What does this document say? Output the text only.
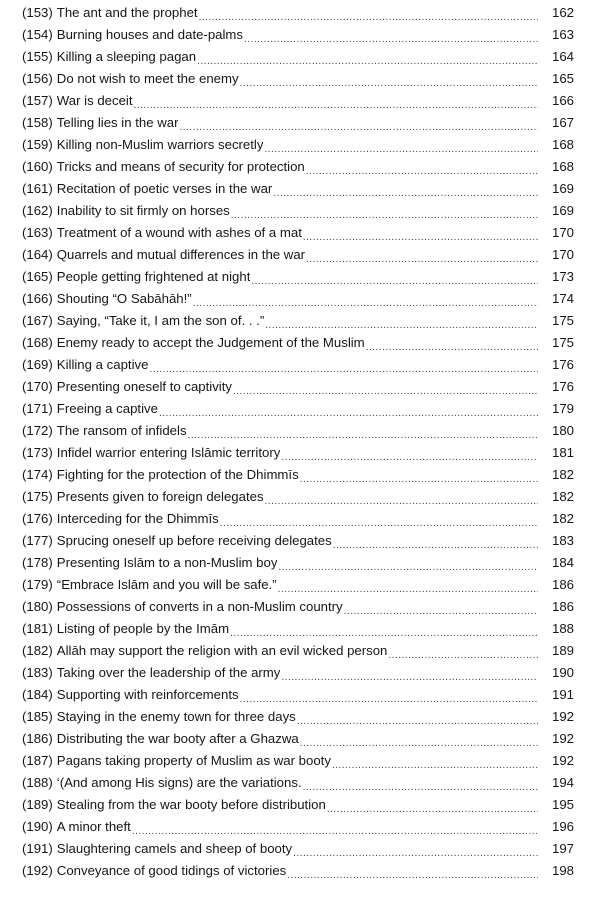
(153) The ant and the prophet .....	162
(154) Burning houses and date-palms .....	163
(155) Killing a sleeping pagan .....	164
(156) Do not wish to meet the enemy .....	165
(157) War is deceit .....	166
(158) Telling lies in the war .....	167
(159) Killing non-Muslim warriors secretly .....	168
(160) Tricks and means of security for protection .....	168
(161) Recitation of poetic verses in the war .....	169
(162) Inability to sit firmly on horses .....	169
(163) Treatment of a wound with ashes of a mat .....	170
(164) Quarrels and mutual differences in the war .....	170
(165) People getting frightened at night .....	173
(166) Shouting “O Sabāhāh!” .....	174
(167) Saying, “Take it, I am the son of. . .” .....	175
(168) Enemy ready to accept the Judgement of the Muslim .....	175
(169) Killing a captive .....	176
(170) Presenting oneself to captivity .....	176
(171) Freeing a captive .....	179
(172) The ransom of infidels .....	180
(173) Infidel warrior entering Islāmic territory .....	181
(174) Fighting for the protection of the Dhimmīs .....	182
(175) Presents given to foreign delegates .....	182
(176) Interceding for the Dhimmīs .....	182
(177) Sprucing oneself up before receiving delegates .....	183
(178) Presenting Islām to a non-Muslim boy .....	184
(179) “Embrace Islām and you will be safe.” .....	186
(180) Possessions of converts in a non-Muslim country .....	186
(181) Listing of people by the Imām .....	188
(182) Allāh may support the religion with an evil wicked person .....	189
(183) Taking over the leadership of the army .....	190
(184) Supporting with reinforcements .....	191
(185) Staying in the enemy town for three days .....	192
(186) Distributing the war booty after a Ghazwa .....	192
(187) Pagans taking property of Muslim as war booty .....	192
(188) ‘(And among His signs) are the variations. .....	194
(189) Stealing from the war booty before distribution .....	195
(190) A minor theft .....	196
(191) Slaughtering camels and sheep of booty .....	197
(192) Conveyance of good tidings of victories .....	198
